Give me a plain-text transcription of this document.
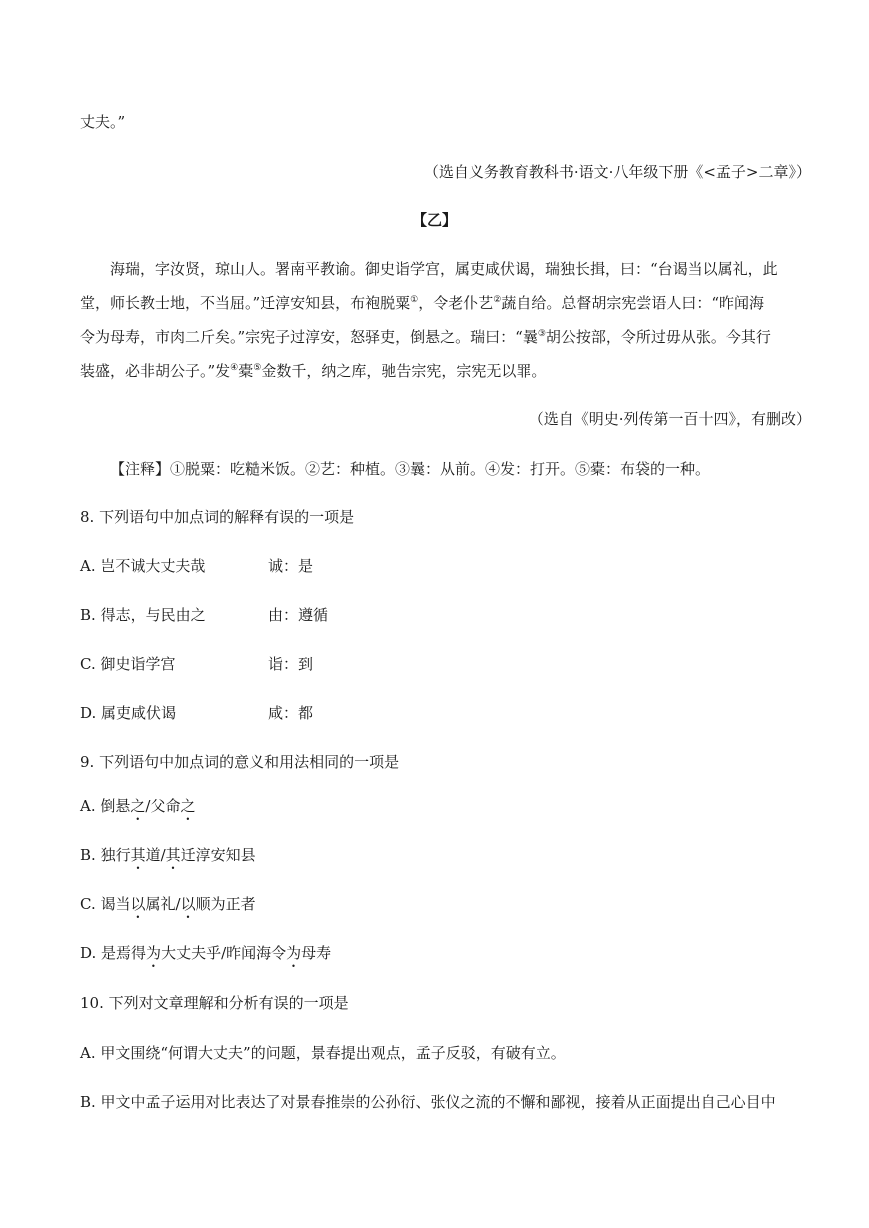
丈夫。”
（选自义务教育教科书·语文·八年级下册《<孟子>二章》）
【乙】
海瑞，字汝贤，琼山人。署南平教谕。御史诣学宫，属吏咸伏谒，瑞独长揖，曰：“台谒当以属礼，此
堂，师长教士地，不当屈。”迁淳安知县，布袍脱粟①，令老仆艺②蔬自给。总督胡宗宪尝语人曰：“昨闻海
令为母寿，市肉二斤矣。”宗宪子过淳安，怒驿吏，倒悬之。瑞曰：“曩③胡公按部，令所过毋从张。今其行
装盛，必非胡公子。”发④橐⑤金数千，纳之库，驰告宗宪，宗宪无以罪。
（选自《明史·列传第一百十四》，有删改）
【注释】①脱粟：吃糙米饭。②艺：种植。③曩：从前。④发：打开。⑤橐：布袋的一种。
8. 下列语句中加点词的解释有误的一项是
A. 岂不诚大丈夫哉	诚：是
B. 得志，与民由之	由：遵循
C. 御史诣学宫	诣：到
D. 属吏咸伏谒	咸：都
9. 下列语句中加点词的意义和用法相同的一项是
A. 倒悬之/父命之
B. 独行其道/其迁淳安知县
C. 谒当以属礼/以顺为正者
D. 是焉得为大丈夫乎/昨闻海令为母寿
10. 下列对文章理解和分析有误的一项是
A. 甲文围绕“何谓大丈夫”的问题，景春提出观点，孟子反驳，有破有立。
B. 甲文中孟子运用对比表达了对景春推崇的公孙衍、张仪之流的不懈和鄙视，接着从正面提出自己心目中
